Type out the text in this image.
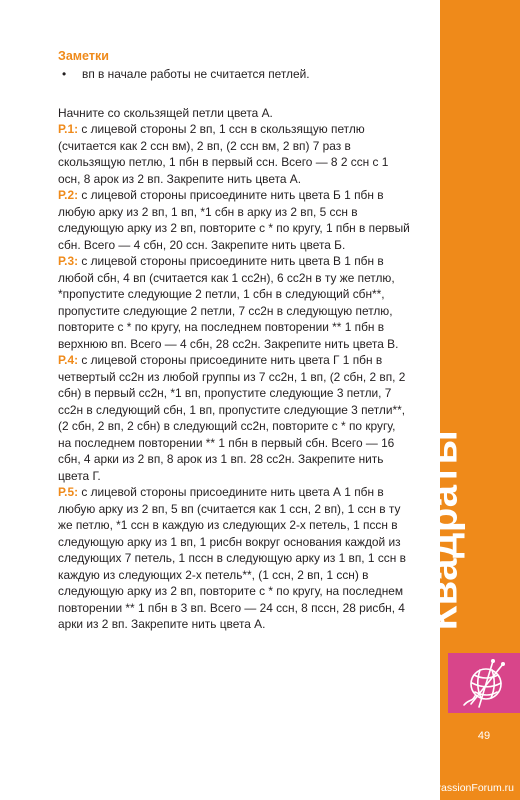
Заметки
•	вп в начале работы не считается петлей.

Начните со скользящей петли цвета А.

Р.1: с лицевой стороны 2 вп, 1 ссн в скользящую петлю (считается как 2 ссн вм), 2 вп, (2 ссн вм, 2 вп) 7 раз в скользящую петлю, 1 пбн в первый ссн. Всего — 8 2 ссн с 1 осн, 8 арок из 2 вп. Закрепите нить цвета А.

Р.2: с лицевой стороны присоедините нить цвета Б 1 пбн в любую арку из 2 вп, 1 вп, *1 сбн в арку из 2 вп, 5 ссн в следующую арку из 2 вп, повторите с * по кругу, 1 пбн в первый сбн. Всего — 4 сбн, 20 ссн. Закрепите нить цвета Б.

Р.3: с лицевой стороны присоедините нить цвета В 1 пбн в любой сбн, 4 вп (считается как 1 сс2н), 6 сс2н в ту же петлю, *пропустите следующие 2 петли, 1 сбн в следующий сбн**, пропустите следующие 2 петли, 7 сс2н в следующую петлю, повторите с * по кругу, на последнем повторении ** 1 пбн в верхнюю вп. Всего — 4 сбн, 28 сс2н. Закрепите нить цвета В.

Р.4: с лицевой стороны присоедините нить цвета Г 1 пбн в четвертый сс2н из любой группы из 7 сс2н, 1 вп, (2 сбн, 2 вп, 2 сбн) в первый сс2н, *1 вп, пропустите следующие 3 петли, 7 сс2н в следующий сбн, 1 вп, пропустите следующие 3 петли**, (2 сбн, 2 вп, 2 сбн) в следующий сс2н, повторите с * по кругу, на последнем повторении ** 1 пбн в первый сбн. Всего — 16 сбн, 4 арки из 2 вп, 8 арок из 1 вп. 28 сс2н. Закрепите нить цвета Г.

Р.5: с лицевой стороны присоедините нить цвета А 1 пбн в любую арку из 2 вп, 5 вп (считается как 1 ссн, 2 вп), 1 ссн в ту же петлю, *1 ссн в каждую из следующих 2-х петель, 1 пссн в следующую арку из 1 вп, 1 рисбн вокруг основания каждой из следующих 7 петель, 1 пссн в следующую арку из 1 вп, 1 ссн в каждую из следующих 2-х петель**, (1 ссн, 2 вп, 1 ссн) в следующую арку из 2 вп, повторите с * по кругу, на последнем повторении ** 1 пбн в 3 вп. Всего — 24 ссн, 8 пссн, 28 рисбн, 4 арки из 2 вп. Закрепите нить цвета А.	Квадраты
49
PassionForum.ru
